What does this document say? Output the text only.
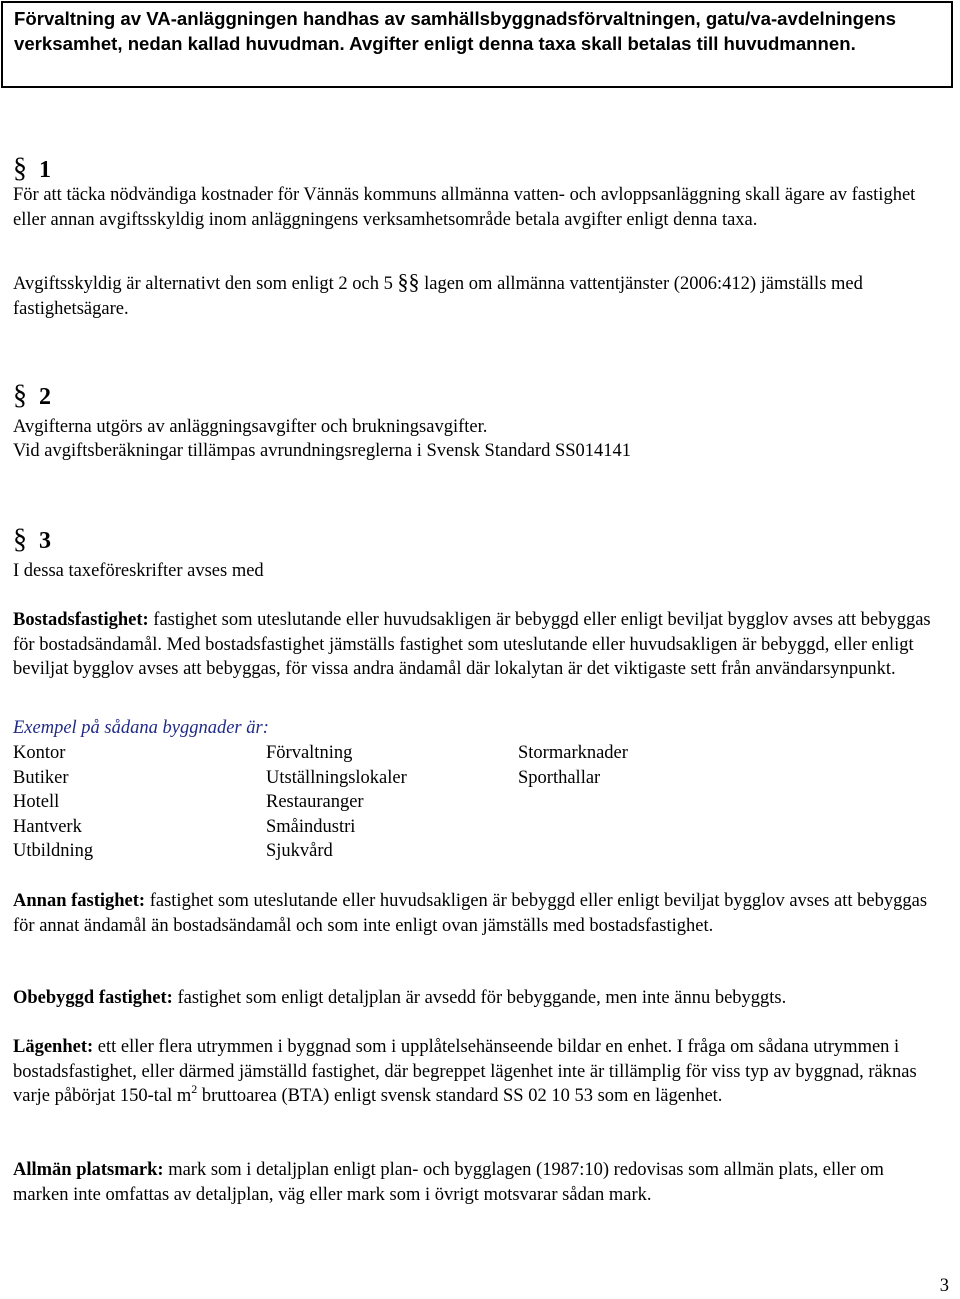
Förvaltning av VA-anläggningen handhas av samhällsbyggnadsförvaltningen, gatu/va-avdelningens verksamhet, nedan kallad huvudman. Avgifter enligt denna taxa skall betalas till huvudmannen.
§ 1
För att täcka nödvändiga kostnader för Vännäs kommuns allmänna vatten- och avloppsanläggning skall ägare av fastighet eller annan avgiftsskyldig inom anläggningens verksamhetsområde betala avgifter enligt denna taxa.
Avgiftsskyldig är alternativt den som enligt 2 och 5 §§ lagen om allmänna vattentjänster (2006:412) jämställs med fastighetsägare.
§ 2
Avgifterna utgörs av anläggningsavgifter och brukningsavgifter.
Vid avgiftsberäkningar tillämpas avrundningsreglerna i Svensk Standard SS014141
§ 3
I dessa taxeföreskrifter avses med
Bostadsfastighet: fastighet som uteslutande eller huvudsakligen är bebyggd eller enligt beviljat bygglov avses att bebyggas för bostadsändamål. Med bostadsfastighet jämställs fastighet som uteslutande eller huvudsakligen är bebyggd, eller enligt beviljat bygglov avses att bebyggas, för vissa andra ändamål där lokalytan är det viktigaste sett från användarsynpunkt.
Exempel på sådana byggnader är:
Kontor
Butiker
Hotell
Hantverk
Utbildning
Förvaltning
Utställningslokaler
Restauranger
Småindustri
Sjukvård
Stormarknader
Sporthallar
Annan fastighet: fastighet som uteslutande eller huvudsakligen är bebyggd eller enligt beviljat bygglov avses att bebyggas för annat ändamål än bostadsändamål och som inte enligt ovan jämställs med bostadsfastighet.
Obebyggd fastighet: fastighet som enligt detaljplan är avsedd för bebyggande, men inte ännu bebyggts.
Lägenhet: ett eller flera utrymmen i byggnad som i upplåtelsehänseende bildar en enhet. I fråga om sådana utrymmen i bostadsfastighet, eller därmed jämställd fastighet, där begreppet lägenhet inte är tillämplig för viss typ av byggnad, räknas varje påbörjat 150-tal $m^2$ bruttoarea (BTA) enligt svensk standard SS 02 10 53 som en lägenhet.
Allmän platsmark: mark som i detaljplan enligt plan- och bygglagen (1987:10) redovisas som allmän plats, eller om marken inte omfattas av detaljplan, väg eller mark som i övrigt motsvarar sådan mark.
3
